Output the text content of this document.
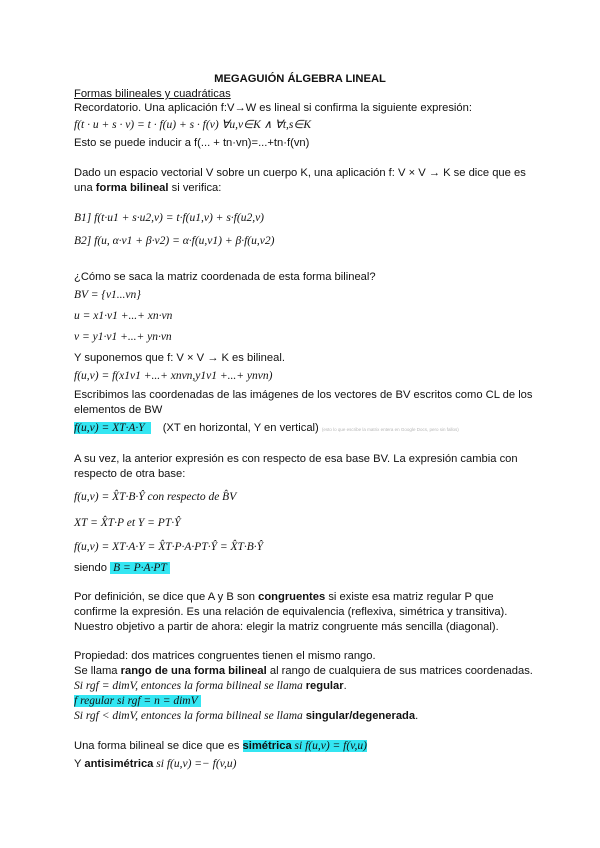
MEGAGUIÓN ÁLGEBRA LINEAL
Formas bilineales y cuadráticas
Recordatorio. Una aplicación f:V→W es lineal si confirma la siguiente expresión:
f(t · u + s · v) = t · f(u) + s · f(v) ∀u,v∈K ∧ ∀t,s∈K
Esto se puede inducir a f(... + tn·vn)=...+tn·f(vn)
Dado un espacio vectorial V sobre un cuerpo K, una aplicación f: V × V → K se dice que es
una forma bilineal si verifica:
B1] f(t·u1 + s·u2,v) = t·f(u1,v) + s·f(u2,v)
B2] f(u, α·v1 + β·v2) = α·f(u,v1) + β·f(u,v2)
¿Cómo se saca la matriz coordenada de esta forma bilineal?
BV = {v1...vn}
u = x1·v1 +...+ xn·vn
v = y1·v1 +...+ yn·vn
Y suponemos que f: V × V → K es bilineal.
f(u,v) = f(x1v1 +...+ xnvn,y1v1 +...+ ynvn)
Escribimos las coordenadas de las imágenes de los vectores de BV escritos como CL de los
elementos de BW
f(u,v) = XT·A·Y (XT en horizontal, Y en vertical) (esto lo que escribe la matrix entera en Google Docs, pero sin fallos)
A su vez, la anterior expresión es con respecto de esa base BV. La expresión cambia con
respecto de otra base:
f(u,v) = X̂T·B·Ŷ con respecto de B̂V
XT = X̂T·P et Y = PT·Ŷ
f(u,v) = XT·A·Y = X̂T·P·A·PT·Ŷ = X̂T·B·Ŷ
siendo B = P·A·PT
Por definición, se dice que A y B son congruentes si existe esa matriz regular P que
confirme la expresión. Es una relación de equivalencia (reflexiva, simétrica y transitiva).
Nuestro objetivo a partir de ahora: elegir la matriz congruente más sencilla (diagonal).
Propiedad: dos matrices congruentes tienen el mismo rango.
Se llama rango de una forma bilineal al rango de cualquiera de sus matrices coordenadas.
Si rgf = dimV, entonces la forma bilineal se llama regular.
f regular si rgf = n = dimV
Si rgf < dimV, entonces la forma bilineal se llama singular/degenerada.
Una forma bilineal se dice que es simétrica si f(u,v) = f(v,u)
Y antisimétrica si f(u,v) =− f(v,u)
